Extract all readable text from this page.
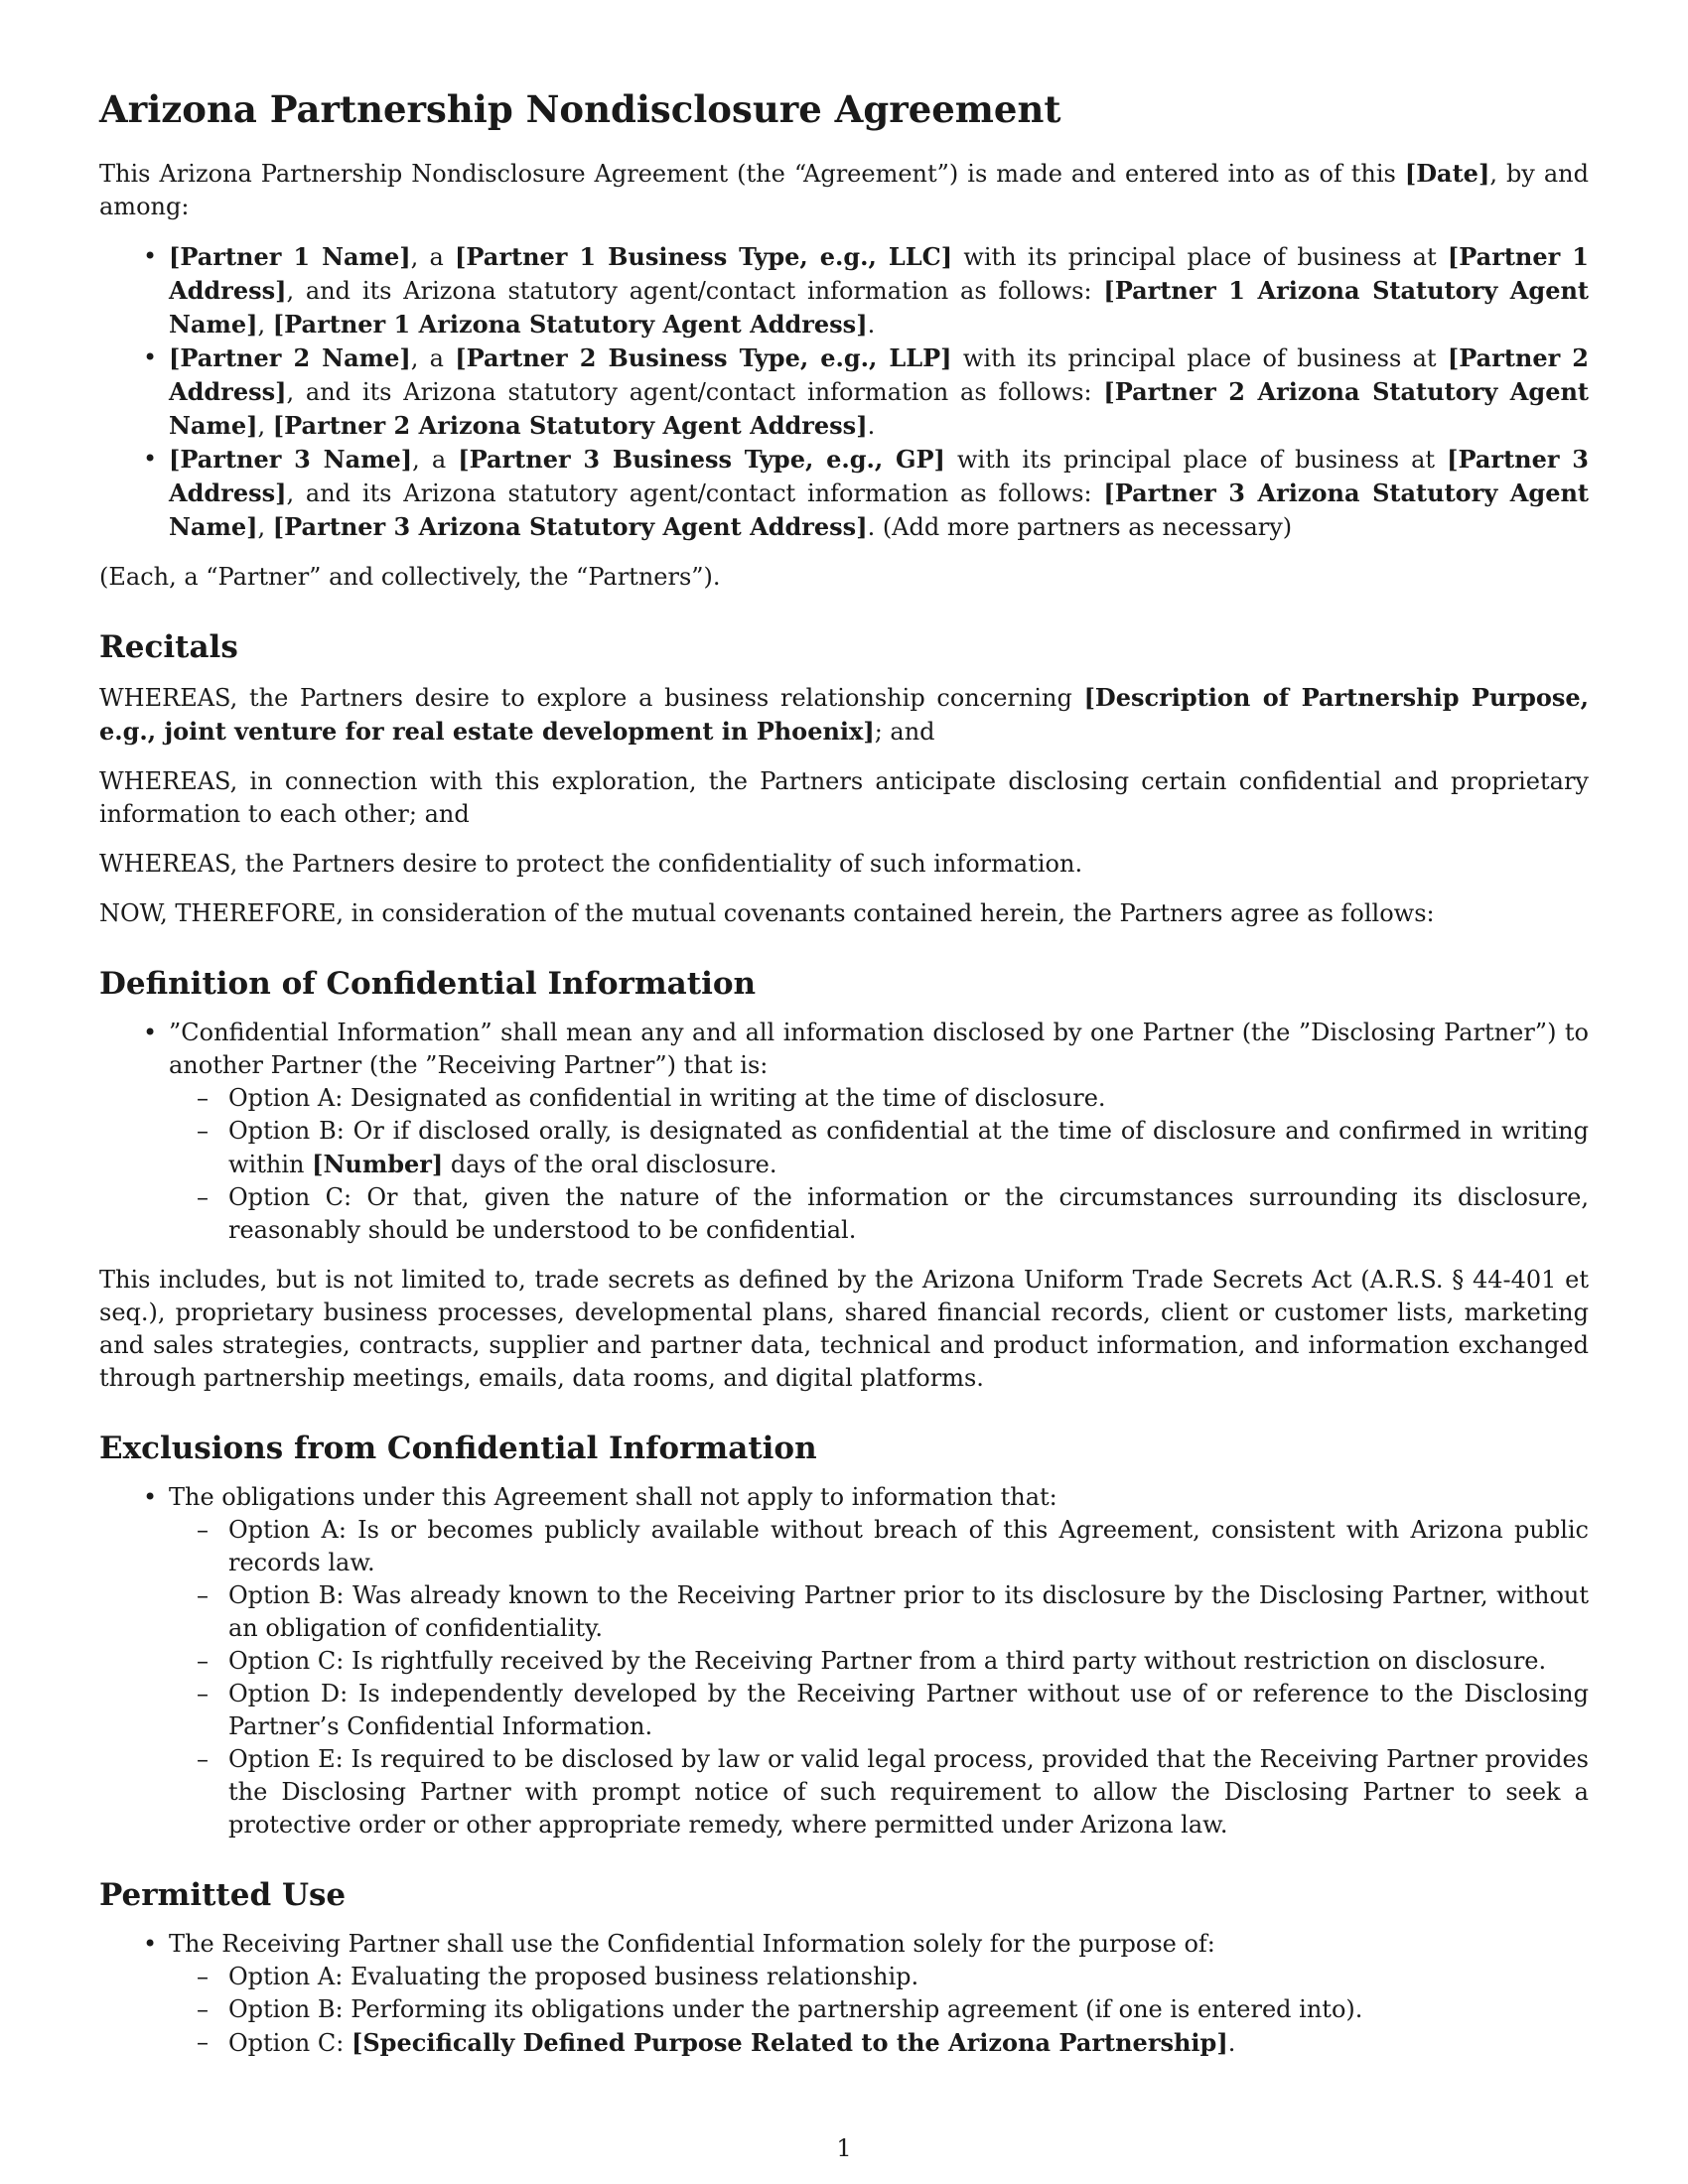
Arizona Partnership Nondisclosure Agreement

This Arizona Partnership Nondisclosure Agreement (the “Agreement”) is made and entered into as of this [Date], by and among:

• [Partner 1 Name], a [Partner 1 Business Type, e.g., LLC] with its principal place of business at [Partner 1 Address], and its Arizona statutory agent/contact information as follows: [Partner 1 Arizona Statutory Agent Name], [Partner 1 Arizona Statutory Agent Address].
• [Partner 2 Name], a [Partner 2 Business Type, e.g., LLP] with its principal place of business at [Partner 2 Address], and its Arizona statutory agent/contact information as follows: [Partner 2 Arizona Statutory Agent Name], [Partner 2 Arizona Statutory Agent Address].
• [Partner 3 Name], a [Partner 3 Business Type, e.g., GP] with its principal place of business at [Partner 3 Address], and its Arizona statutory agent/contact information as follows: [Partner 3 Arizona Statutory Agent Name], [Partner 3 Arizona Statutory Agent Address]. (Add more partners as necessary)

(Each, a “Partner” and collectively, the “Partners”).

Recitals

WHEREAS, the Partners desire to explore a business relationship concerning [Description of Partnership Purpose, e.g., joint venture for real estate development in Phoenix]; and

WHEREAS, in connection with this exploration, the Partners anticipate disclosing certain confidential and proprietary information to each other; and

WHEREAS, the Partners desire to protect the confidentiality of such information.

NOW, THEREFORE, in consideration of the mutual covenants contained herein, the Partners agree as follows:

Definition of Confidential Information
• ”Confidential Information” shall mean any and all information disclosed by one Partner (the ”Disclosing Partner”) to another Partner (the ”Receiving Partner”) that is:
– Option A: Designated as confidential in writing at the time of disclosure.
– Option B: Or if disclosed orally, is designated as confidential at the time of disclosure and confirmed in writing within [Number] days of the oral disclosure.
– Option C: Or that, given the nature of the information or the circumstances surrounding its disclosure, reasonably should be understood to be confidential.

This includes, but is not limited to, trade secrets as defined by the Arizona Uniform Trade Secrets Act (A.R.S. § 44-401 et seq.), proprietary business processes, developmental plans, shared financial records, client or customer lists, marketing and sales strategies, contracts, supplier and partner data, technical and product information, and information exchanged through partnership meetings, emails, data rooms, and digital platforms.

Exclusions from Confidential Information
• The obligations under this Agreement shall not apply to information that:
– Option A: Is or becomes publicly available without breach of this Agreement, consistent with Arizona public records law.
– Option B: Was already known to the Receiving Partner prior to its disclosure by the Disclosing Partner, without an obligation of confidentiality.
– Option C: Is rightfully received by the Receiving Partner from a third party without restriction on disclosure.
– Option D: Is independently developed by the Receiving Partner without use of or reference to the Disclosing Partner’s Confidential Information.
– Option E: Is required to be disclosed by law or valid legal process, provided that the Receiving Partner provides the Disclosing Partner with prompt notice of such requirement to allow the Disclosing Partner to seek a protective order or other appropriate remedy, where permitted under Arizona law.
Permitted Use
• The Receiving Partner shall use the Confidential Information solely for the purpose of:
– Option A: Evaluating the proposed business relationship.
– Option B: Performing its obligations under the partnership agreement (if one is entered into).
– Option C: [Specifically Defined Purpose Related to the Arizona Partnership].
1
